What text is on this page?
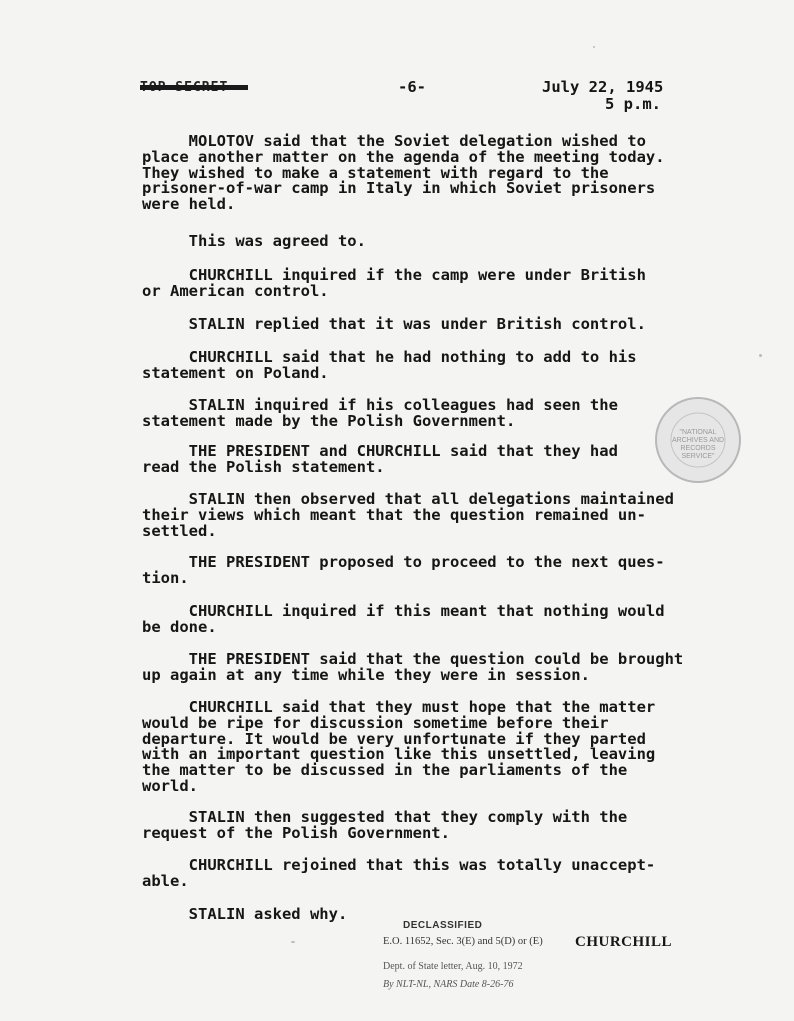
-6-	July 22, 1945
5 p.m.
MOLOTOV said that the Soviet delegation wished to
place another matter on the agenda of the meeting today.
They wished to make a statement with regard to the
prisoner-of-war camp in Italy in which Soviet prisoners
were held.
This was agreed to.
CHURCHILL inquired if the camp were under British
or American control.
STALIN replied that it was under British control.
CHURCHILL said that he had nothing to add to his
statement on Poland.
STALIN inquired if his colleagues had seen the
statement made by the Polish Government.
THE PRESIDENT and CHURCHILL said that they had
read the Polish statement.
STALIN then observed that all delegations maintained
their views which meant that the question remained un-
settled.
THE PRESIDENT proposed to proceed to the next ques-
tion.
CHURCHILL inquired if this meant that nothing would
be done.
THE PRESIDENT said that the question could be brought
up again at any time while they were in session.
CHURCHILL said that they must hope that the matter
would be ripe for discussion sometime before their
departure. It would be very unfortunate if they parted
with an important question like this unsettled, leaving
the matter to be discussed in the parliaments of the
world.
STALIN then suggested that they comply with the
request of the Polish Government.
CHURCHILL rejoined that this was totally unaccept-
able.
STALIN asked why.
"NATIONAL
ARCHIVES AND
RECORDS
SERVICE"
DECLASSIFIED
E.O. 11652, Sec. 3(E) and 5(D) or (E)
Dept. of State letter, Aug. 10, 1972
By NLT-NL, NARS Date 8-26-76
CHURCHILL
